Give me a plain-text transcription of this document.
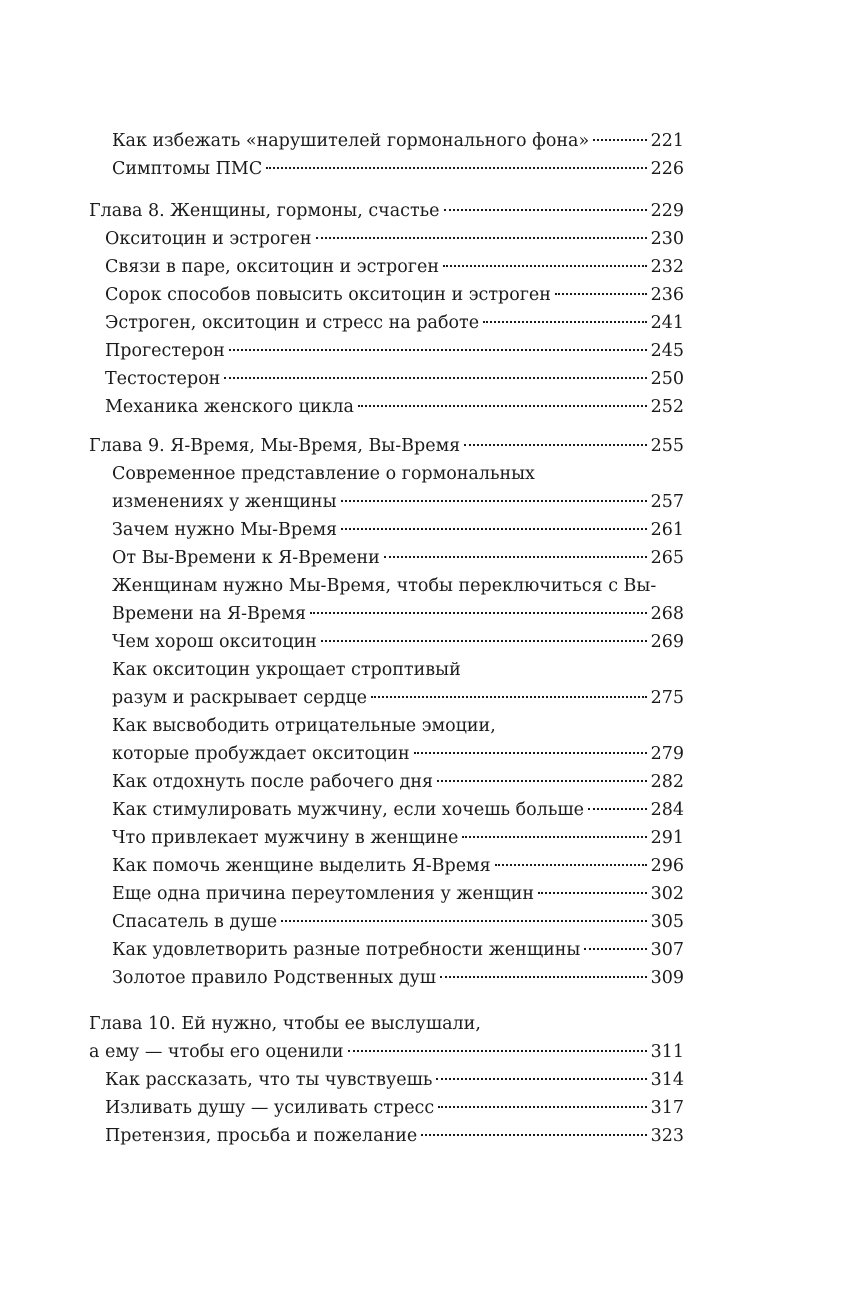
Как избежать «нарушителей гормонального фона»	221
Симптомы ПМС	226
Глава 8. Женщины, гормоны, счастье	229
Окситоцин и эстроген	230
Связи в паре, окситоцин и эстроген	232
Сорок способов повысить окситоцин и эстроген	236
Эстроген, окситоцин и стресс на работе	241
Прогестерон	245
Тестостерон	250
Механика женского цикла	252
Глава 9. Я-Время, Мы-Время, Вы-Время	255
Современное представление о гормональных
изменениях у женщины	257
Зачем нужно Мы-Время	261
От Вы-Времени к Я-Времени	265
Женщинам нужно Мы-Время, чтобы переключиться с Вы-
Времени на Я-Время	268
Чем хорош окситоцин	269
Как окситоцин укрощает строптивый
разум и раскрывает сердце	275
Как высвободить отрицательные эмоции,
которые пробуждает окситоцин	279
Как отдохнуть после рабочего дня	282
Как стимулировать мужчину, если хочешь больше	284
Что привлекает мужчину в женщине	291
Как помочь женщине выделить Я-Время	296
Еще одна причина переутомления у женщин	302
Спасатель в душе	305
Как удовлетворить разные потребности женщины	307
Золотое правило Родственных душ	309
Глава 10. Ей нужно, чтобы ее выслушали,
а ему — чтобы его оценили	311
Как рассказать, что ты чувствуешь	314
Изливать душу — усиливать стресс	317
Претензия, просьба и пожелание	323
